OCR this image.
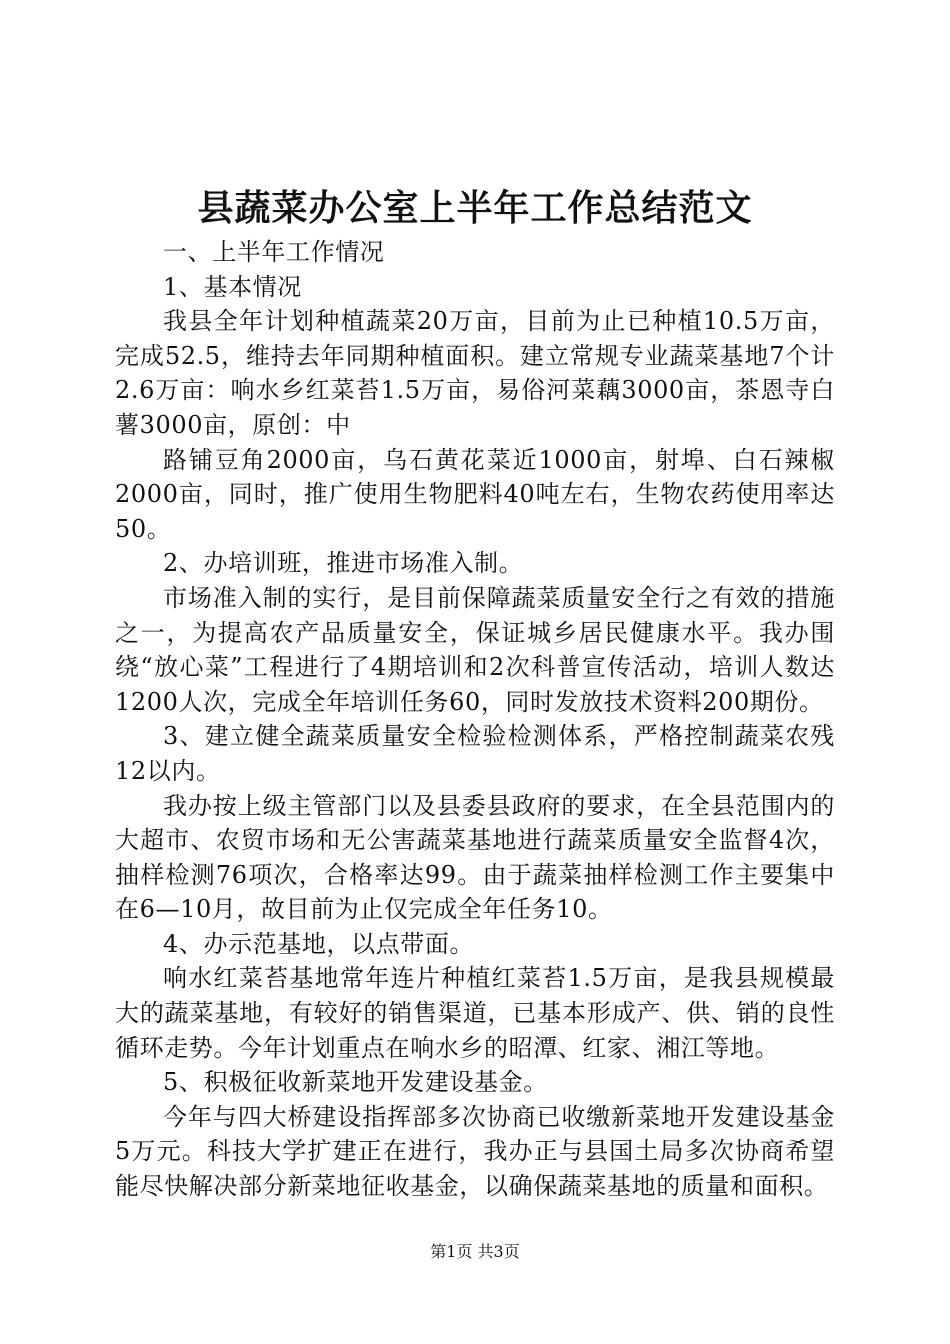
县蔬菜办公室上半年工作总结范文

一、上半年工作情况

1、基本情况

我县全年计划种植蔬菜20万亩，目前为止已种植10.5万亩，完成52.5，维持去年同期种植面积。建立常规专业蔬菜基地7个计2.6万亩：响水乡红菜苔1.5万亩，易俗河菜藕3000亩，茶恩寺白薯3000亩，原创：中

路铺豆角2000亩，乌石黄花菜近1000亩，射埠、白石辣椒2000亩，同时，推广使用生物肥料40吨左右，生物农药使用率达50。

2、办培训班，推进市场准入制。

市场准入制的实行，是目前保障蔬菜质量安全行之有效的措施之一，为提高农产品质量安全，保证城乡居民健康水平。我办围绕“放心菜”工程进行了4期培训和2次科普宣传活动，培训人数达1200人次，完成全年培训任务60，同时发放技术资料200期份。

3、建立健全蔬菜质量安全检验检测体系，严格控制蔬菜农残12以内。

我办按上级主管部门以及县委县政府的要求，在全县范围内的大超市、农贸市场和无公害蔬菜基地进行蔬菜质量安全监督4次，抽样检测76项次，合格率达99。由于蔬菜抽样检测工作主要集中在6—10月，故目前为止仅完成全年任务10。

4、办示范基地，以点带面。

响水红菜苔基地常年连片种植红菜苔1.5万亩，是我县规模最大的蔬菜基地，有较好的销售渠道，已基本形成产、供、销的良性循环走势。今年计划重点在响水乡的昭潭、红家、湘江等地。

5、积极征收新菜地开发建设基金。

今年与四大桥建设指挥部多次协商已收缴新菜地开发建设基金5万元。科技大学扩建正在进行，我办正与县国土局多次协商希望能尽快解决部分新菜地征收基金，以确保蔬菜基地的质量和面积。

第1页 共3页
